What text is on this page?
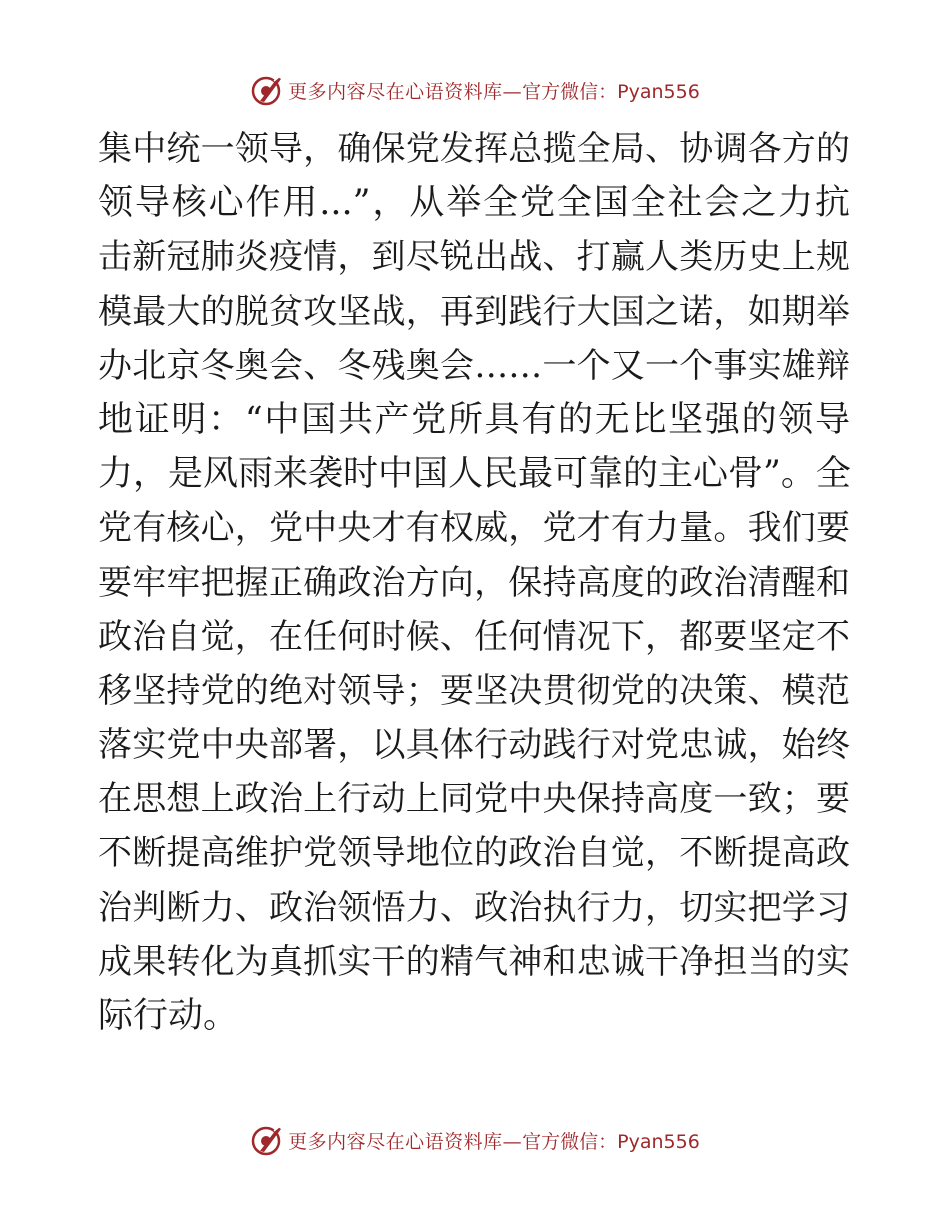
更多内容尽在心语资料库— 官方微信：Pyan556
集中统一领导，确保党发挥总揽全局、协调各方的
领导核心作用...”，从举全党全国全社会之力抗
击新冠肺炎疫情，到尽锐出战、打赢人类历史上规
模最大的脱贫攻坚战，再到践行大国之诺，如期举
办北京冬奥会、冬残奥会……一个又一个事实雄辩
地证明：“中国共产党所具有的无比坚强的领导
力，是风雨来袭时中国人民最可靠的主心骨”。全
党有核心，党中央才有权威，党才有力量。我们要
要牢牢把握正确政治方向，保持高度的政治清醒和
政治自觉，在任何时候、任何情况下，都要坚定不
移坚持党的绝对领导；要坚决贯彻党的决策、模范
落实党中央部署，以具体行动践行对党忠诚，始终
在思想上政治上行动上同党中央保持高度一致；要
不断提高维护党领导地位的政治自觉，不断提高政
治判断力、政治领悟力、政治执行力，切实把学习
成果转化为真抓实干的精气神和忠诚干净担当的实
际行动。
更多内容尽在心语资料库— 官方微信：Pyan556
